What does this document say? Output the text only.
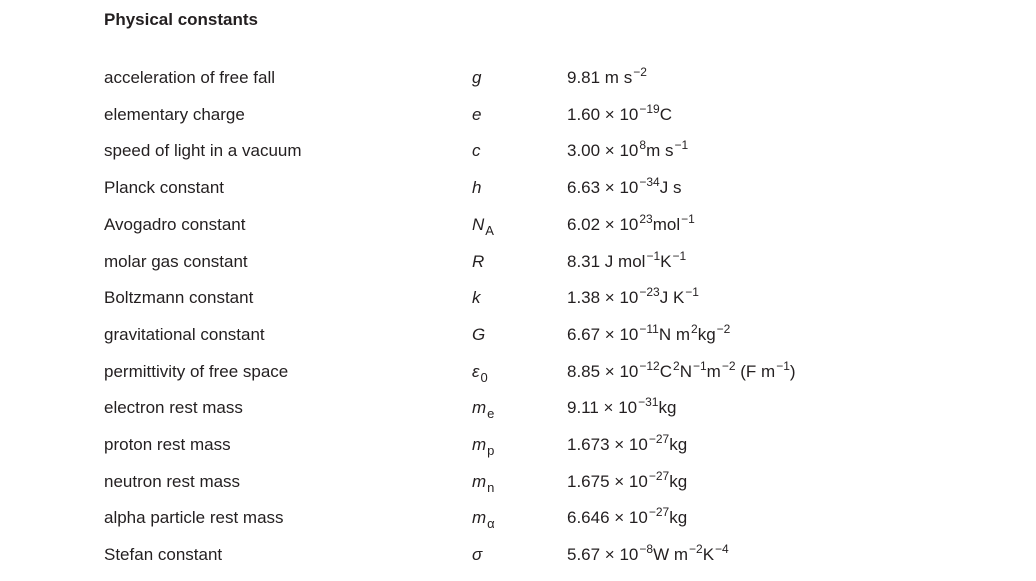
Physical constants
acceleration of free fall	g	9.81 m $s^{-2}$
elementary charge	e	$1.60 \times 10^{-19}C$
speed of light in a vacuum	c	$3.00 \times 10^8m$ $s^{-1}$
Planck constant	h	$6.63 \times 10^{-34}J$ s
Avogadro constant	$N_A$	$6.02 \times 10^{23}mol^{-1}$
molar gas constant	R	8.31 J $mol^{-1}K^{-1}$
Boltzmann constant	k	$1.38 \times 10^{-23}J$ $K^{-1}$
gravitational constant	G	$6.67 \times 10^{-11}N$ $m^2kg^{-2}$
permittivity of free space	$\varepsilon_0$	$8.85 \times 10^{-12}C^2N^{-1}m^{-2}$ (F $m^{-1}$)
electron rest mass	$m_e$	$9.11 \times 10^{-31}kg$
proton rest mass	$m_p$	$1.673 \times 10^{-27}kg$
neutron rest mass	$m_n$	$1.675 \times 10^{-27}kg$
alpha particle rest mass	$m_\alpha$	$6.646 \times 10^{-27}kg$
Stefan constant	σ	$5.67 \times 10^{-8}W$ $m^{-2}K^{-4}$
